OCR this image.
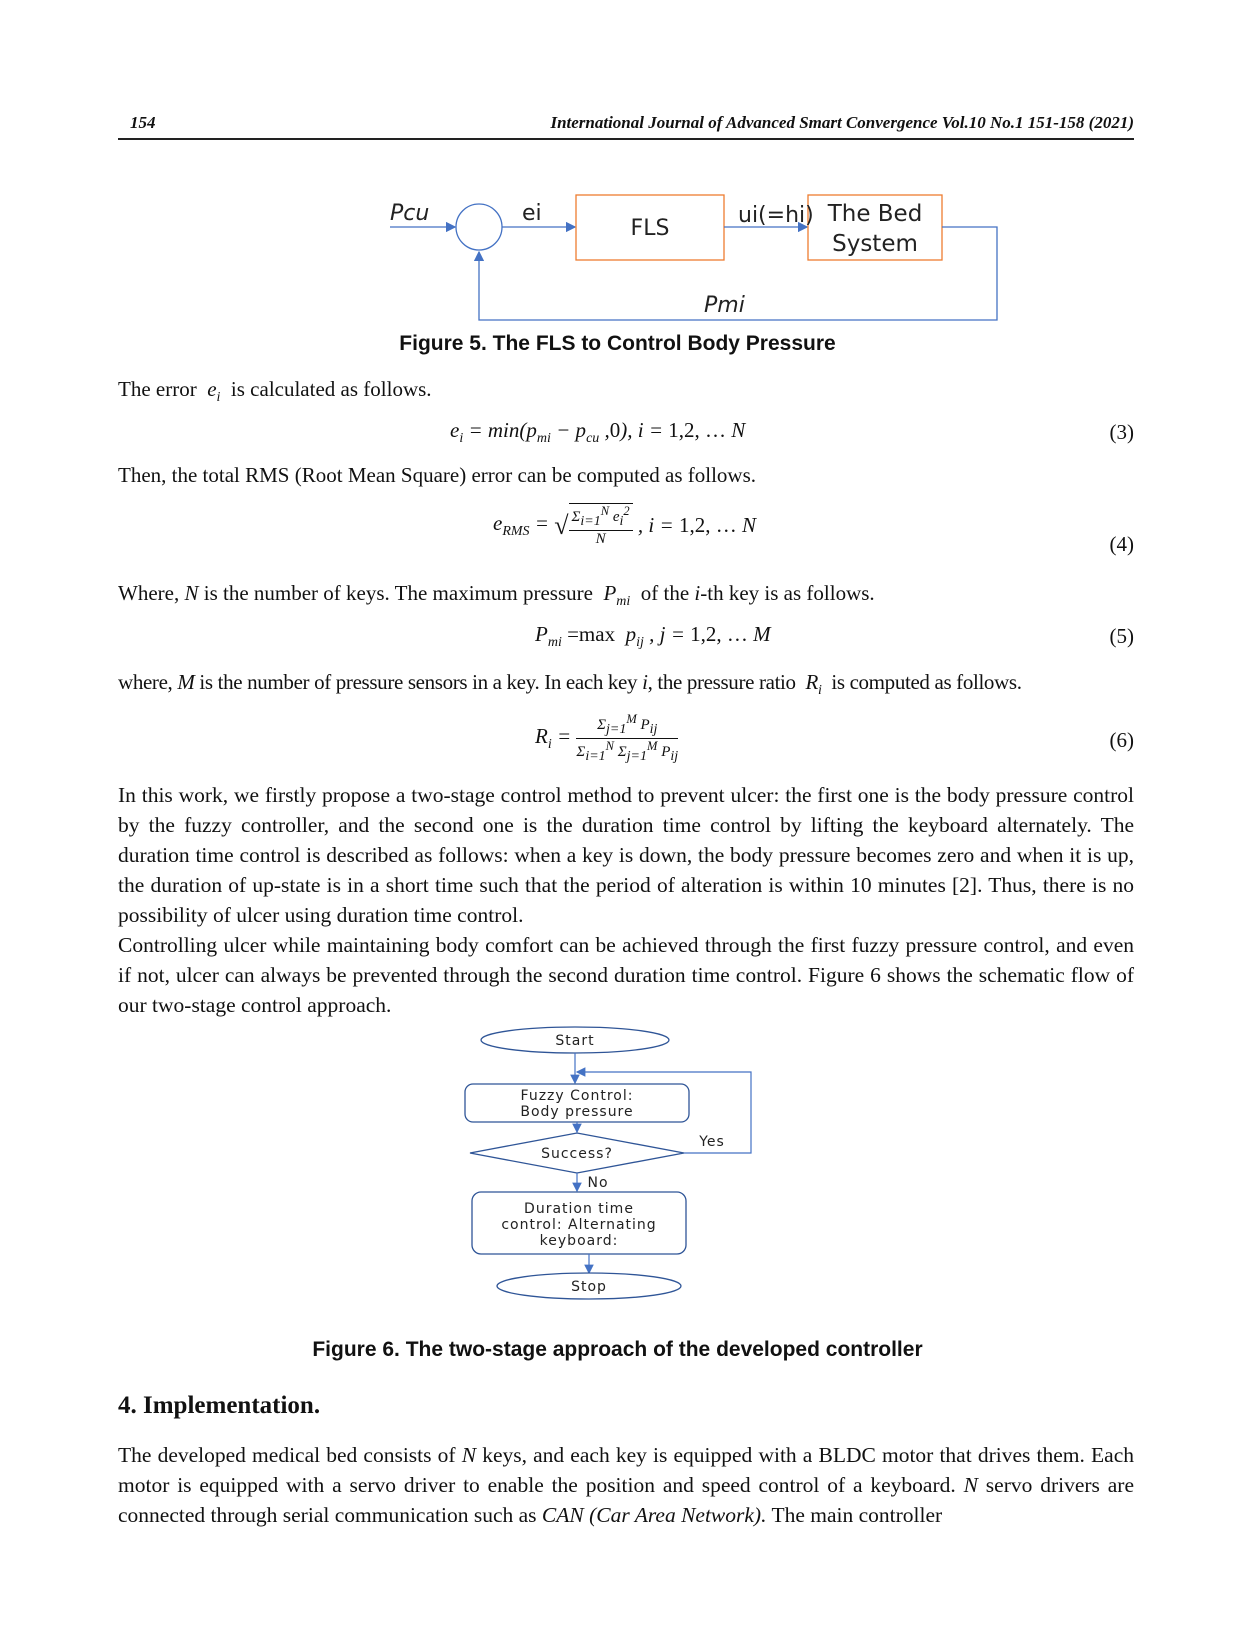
154	International Journal of Advanced Smart Convergence Vol.10 No.1 151-158 (2021)
Pcu	ei
FLS
ui(=hi) The Bed
System
Pmi
Figure 5. The FLS to Control Body Pressure
The error $e_i$ is calculated as follows.
$e_i = \min(p_{mi} - p_{cu}$ ,0), i = 1,2, … N	(3)
Then, the total RMS (Root Mean Square) error can be computed as follows.
$e_{RMS}$ = √ $\frac{\Sigma_{i=1}^N e_i^2}{N}$ , i = 1,2, … N
(4)
Where, N is the number of keys. The maximum pressure $P_{mi}$ of the i-th key is as follows.
$P_{mi} =\max$  $p_{ij}$ , j = 1,2, … M	(5)
where, M is the number of pressure sensors in a key. In each key i, the pressure ratio $R_i$ is computed as follows.
$R_i = \frac{\Sigma_{j=1}^M P_{ij}}{\Sigma_{i=1}^N \Sigma_{j=1}^M P_{ij}}$	(6)
In this work, we firstly propose a two-stage control method to prevent ulcer: the first one is the body pressure control by the fuzzy controller, and the second one is the duration time control by lifting the keyboard alternately. The duration time control is described as follows: when a key is down, the body pressure becomes zero and when it is up, the duration of up-state is in a short time such that the period of alteration is within 10 minutes [2]. Thus, there is no possibility of ulcer using duration time control.
Controlling ulcer while maintaining body comfort can be achieved through the first fuzzy pressure control, and even if not, ulcer can always be prevented through the second duration time control. Figure 6 shows the schematic flow of our two-stage control approach.
Start
Fuzzy Control:
Body pressure
Success?
Yes
No
Duration time
control: Alternating
keyboard:
Stop
Figure 6. The two-stage approach of the developed controller
4. Implementation.
The developed medical bed consists of N keys, and each key is equipped with a BLDC motor that drives them. Each motor is equipped with a servo driver to enable the position and speed control of a keyboard. N servo drivers are connected through serial communication such as CAN (Car Area Network). The main controller
